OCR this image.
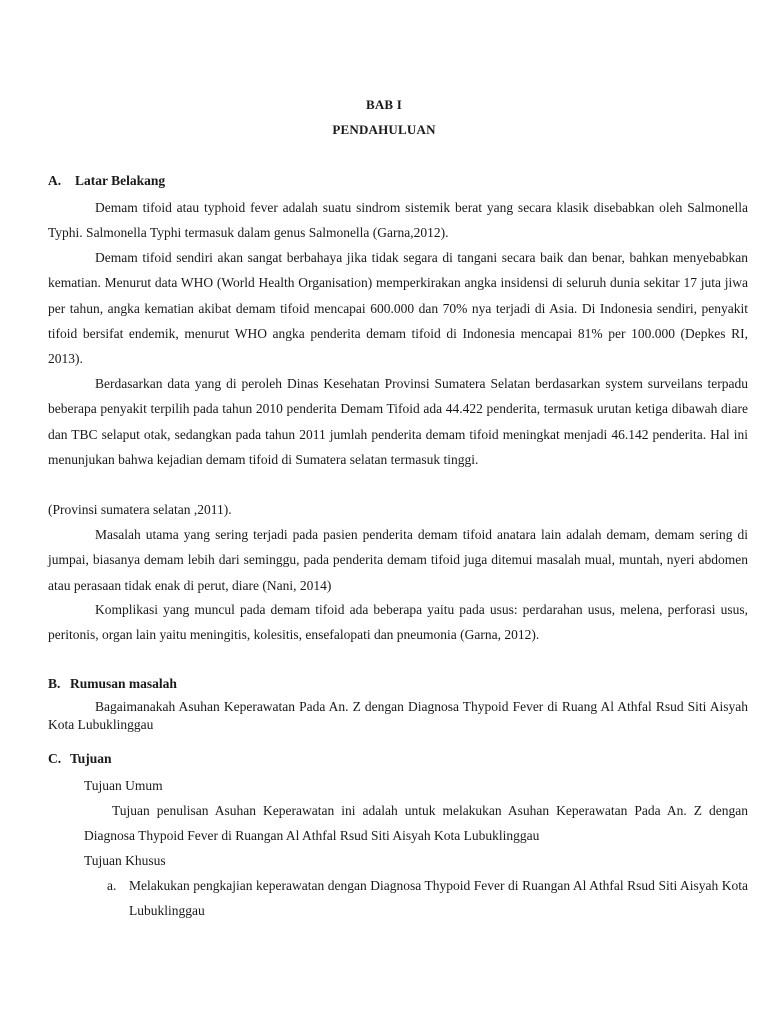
BAB I
PENDAHULUAN
A. Latar Belakang

Demam tifoid atau typhoid fever adalah suatu sindrom sistemik berat yang secara klasik disebabkan oleh Salmonella Typhi. Salmonella Typhi termasuk dalam genus Salmonella (Garna,2012).

Demam tifoid sendiri akan sangat berbahaya jika tidak segara di tangani secara baik dan benar, bahkan menyebabkan kematian. Menurut data WHO (World Health Organisation) memperkirakan angka insidensi di seluruh dunia sekitar 17 juta jiwa per tahun, angka kematian akibat demam tifoid mencapai 600.000 dan 70% nya terjadi di Asia. Di Indonesia sendiri, penyakit tifoid bersifat endemik, menurut WHO angka penderita demam tifoid di Indonesia mencapai 81% per 100.000 (Depkes RI, 2013).

Berdasarkan data yang di peroleh Dinas Kesehatan Provinsi Sumatera Selatan berdasarkan system surveilans terpadu beberapa penyakit terpilih pada tahun 2010 penderita Demam Tifoid ada 44.422 penderita, termasuk urutan ketiga dibawah diare dan TBC selaput otak, sedangkan pada tahun 2011 jumlah penderita demam tifoid meningkat menjadi 46.142 penderita. Hal ini menunjukan bahwa kejadian demam tifoid di Sumatera selatan termasuk tinggi.

(Provinsi sumatera selatan ,2011).

Masalah utama yang sering terjadi pada pasien penderita demam tifoid anatara lain adalah demam, demam sering di jumpai, biasanya demam lebih dari seminggu, pada penderita demam tifoid juga ditemui masalah mual, muntah, nyeri abdomen atau perasaan tidak enak di perut, diare (Nani, 2014)

Komplikasi yang muncul pada demam tifoid ada beberapa yaitu pada usus: perdarahan usus, melena, perforasi usus, peritonis, organ lain yaitu meningitis, kolesitis, ensefalopati dan pneumonia (Garna, 2012).

B. Rumusan masalah

Bagaimanakah Asuhan Keperawatan Pada An. Z dengan Diagnosa Thypoid Fever di Ruang Al Athfal Rsud Siti Aisyah Kota Lubuklinggau

C. Tujuan

Tujuan Umum

Tujuan penulisan Asuhan Keperawatan ini adalah untuk melakukan Asuhan Keperawatan Pada An. Z dengan Diagnosa Thypoid Fever di Ruangan Al Athfal Rsud Siti Aisyah Kota Lubuklinggau

Tujuan Khusus

a. Melakukan pengkajian keperawatan dengan Diagnosa Thypoid Fever di Ruangan Al Athfal Rsud Siti Aisyah Kota Lubuklinggau
